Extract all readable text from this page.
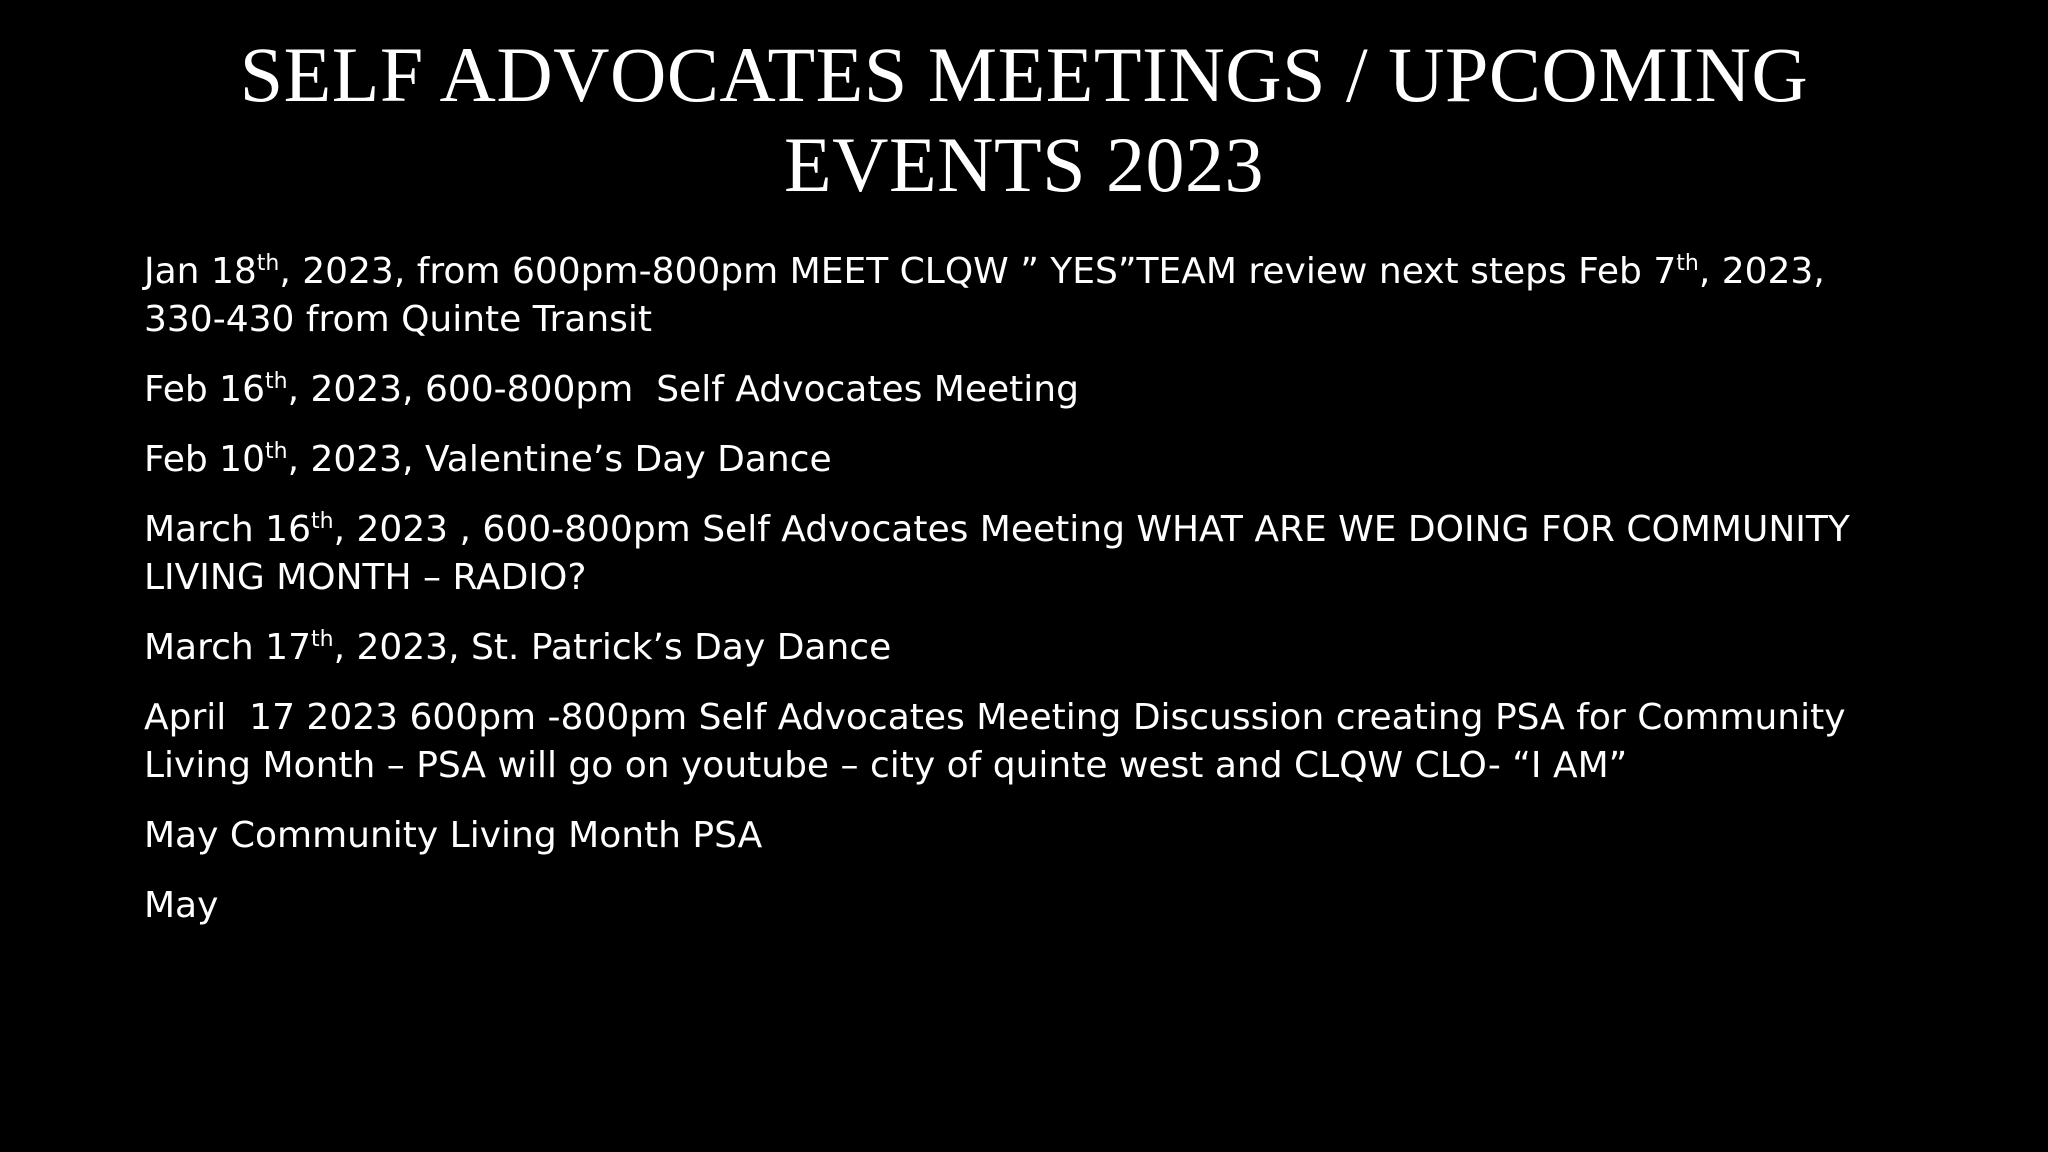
SELF ADVOCATES MEETINGS / UPCOMING
EVENTS 2023
Jan 18th, 2023, from 600pm-800pm MEET CLQW ” YES”TEAM review next steps Feb 7th, 2023, 330-430 from Quinte Transit
Feb 16th, 2023, 600-800pm  Self Advocates Meeting
Feb 10th, 2023, Valentine’s Day Dance
March 16th, 2023 , 600-800pm Self Advocates Meeting WHAT ARE WE DOING FOR COMMUNITY LIVING MONTH – RADIO?
March 17th, 2023, St. Patrick’s Day Dance
April  17 2023 600pm -800pm Self Advocates Meeting Discussion creating PSA for Community Living Month – PSA will go on youtube – city of quinte west and CLQW CLO- “I AM”
May Community Living Month PSA
May
